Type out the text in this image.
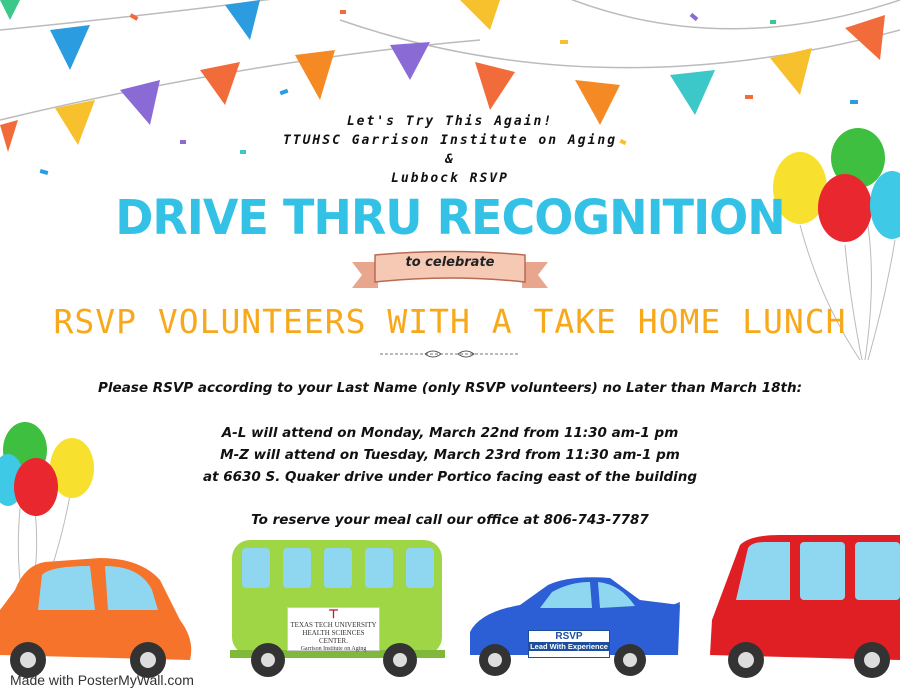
Let's Try This Again!
TTUHSC Garrison Institute on Aging
&
Lubbock RSVP
DRIVE THRU RECOGNITION
to celebrate
RSVP VOLUNTEERS WITH A TAKE HOME LUNCH
Please RSVP according to your Last Name (only RSVP volunteers) no Later than March 18th:
A-L will attend on Monday, March 22nd from 11:30 am-1 pm
M-Z will attend on Tuesday, March 23rd from 11:30 am-1 pm
at 6630 S. Quaker drive under Portico facing east of the building
To reserve your meal call our office at 806-743-7787
⊤
TEXAS TECH UNIVERSITY
HEALTH SCIENCES CENTER.
Garrison Institute on Aging
RSVP
Lead With Experience
Made with PosterMyWall.com
